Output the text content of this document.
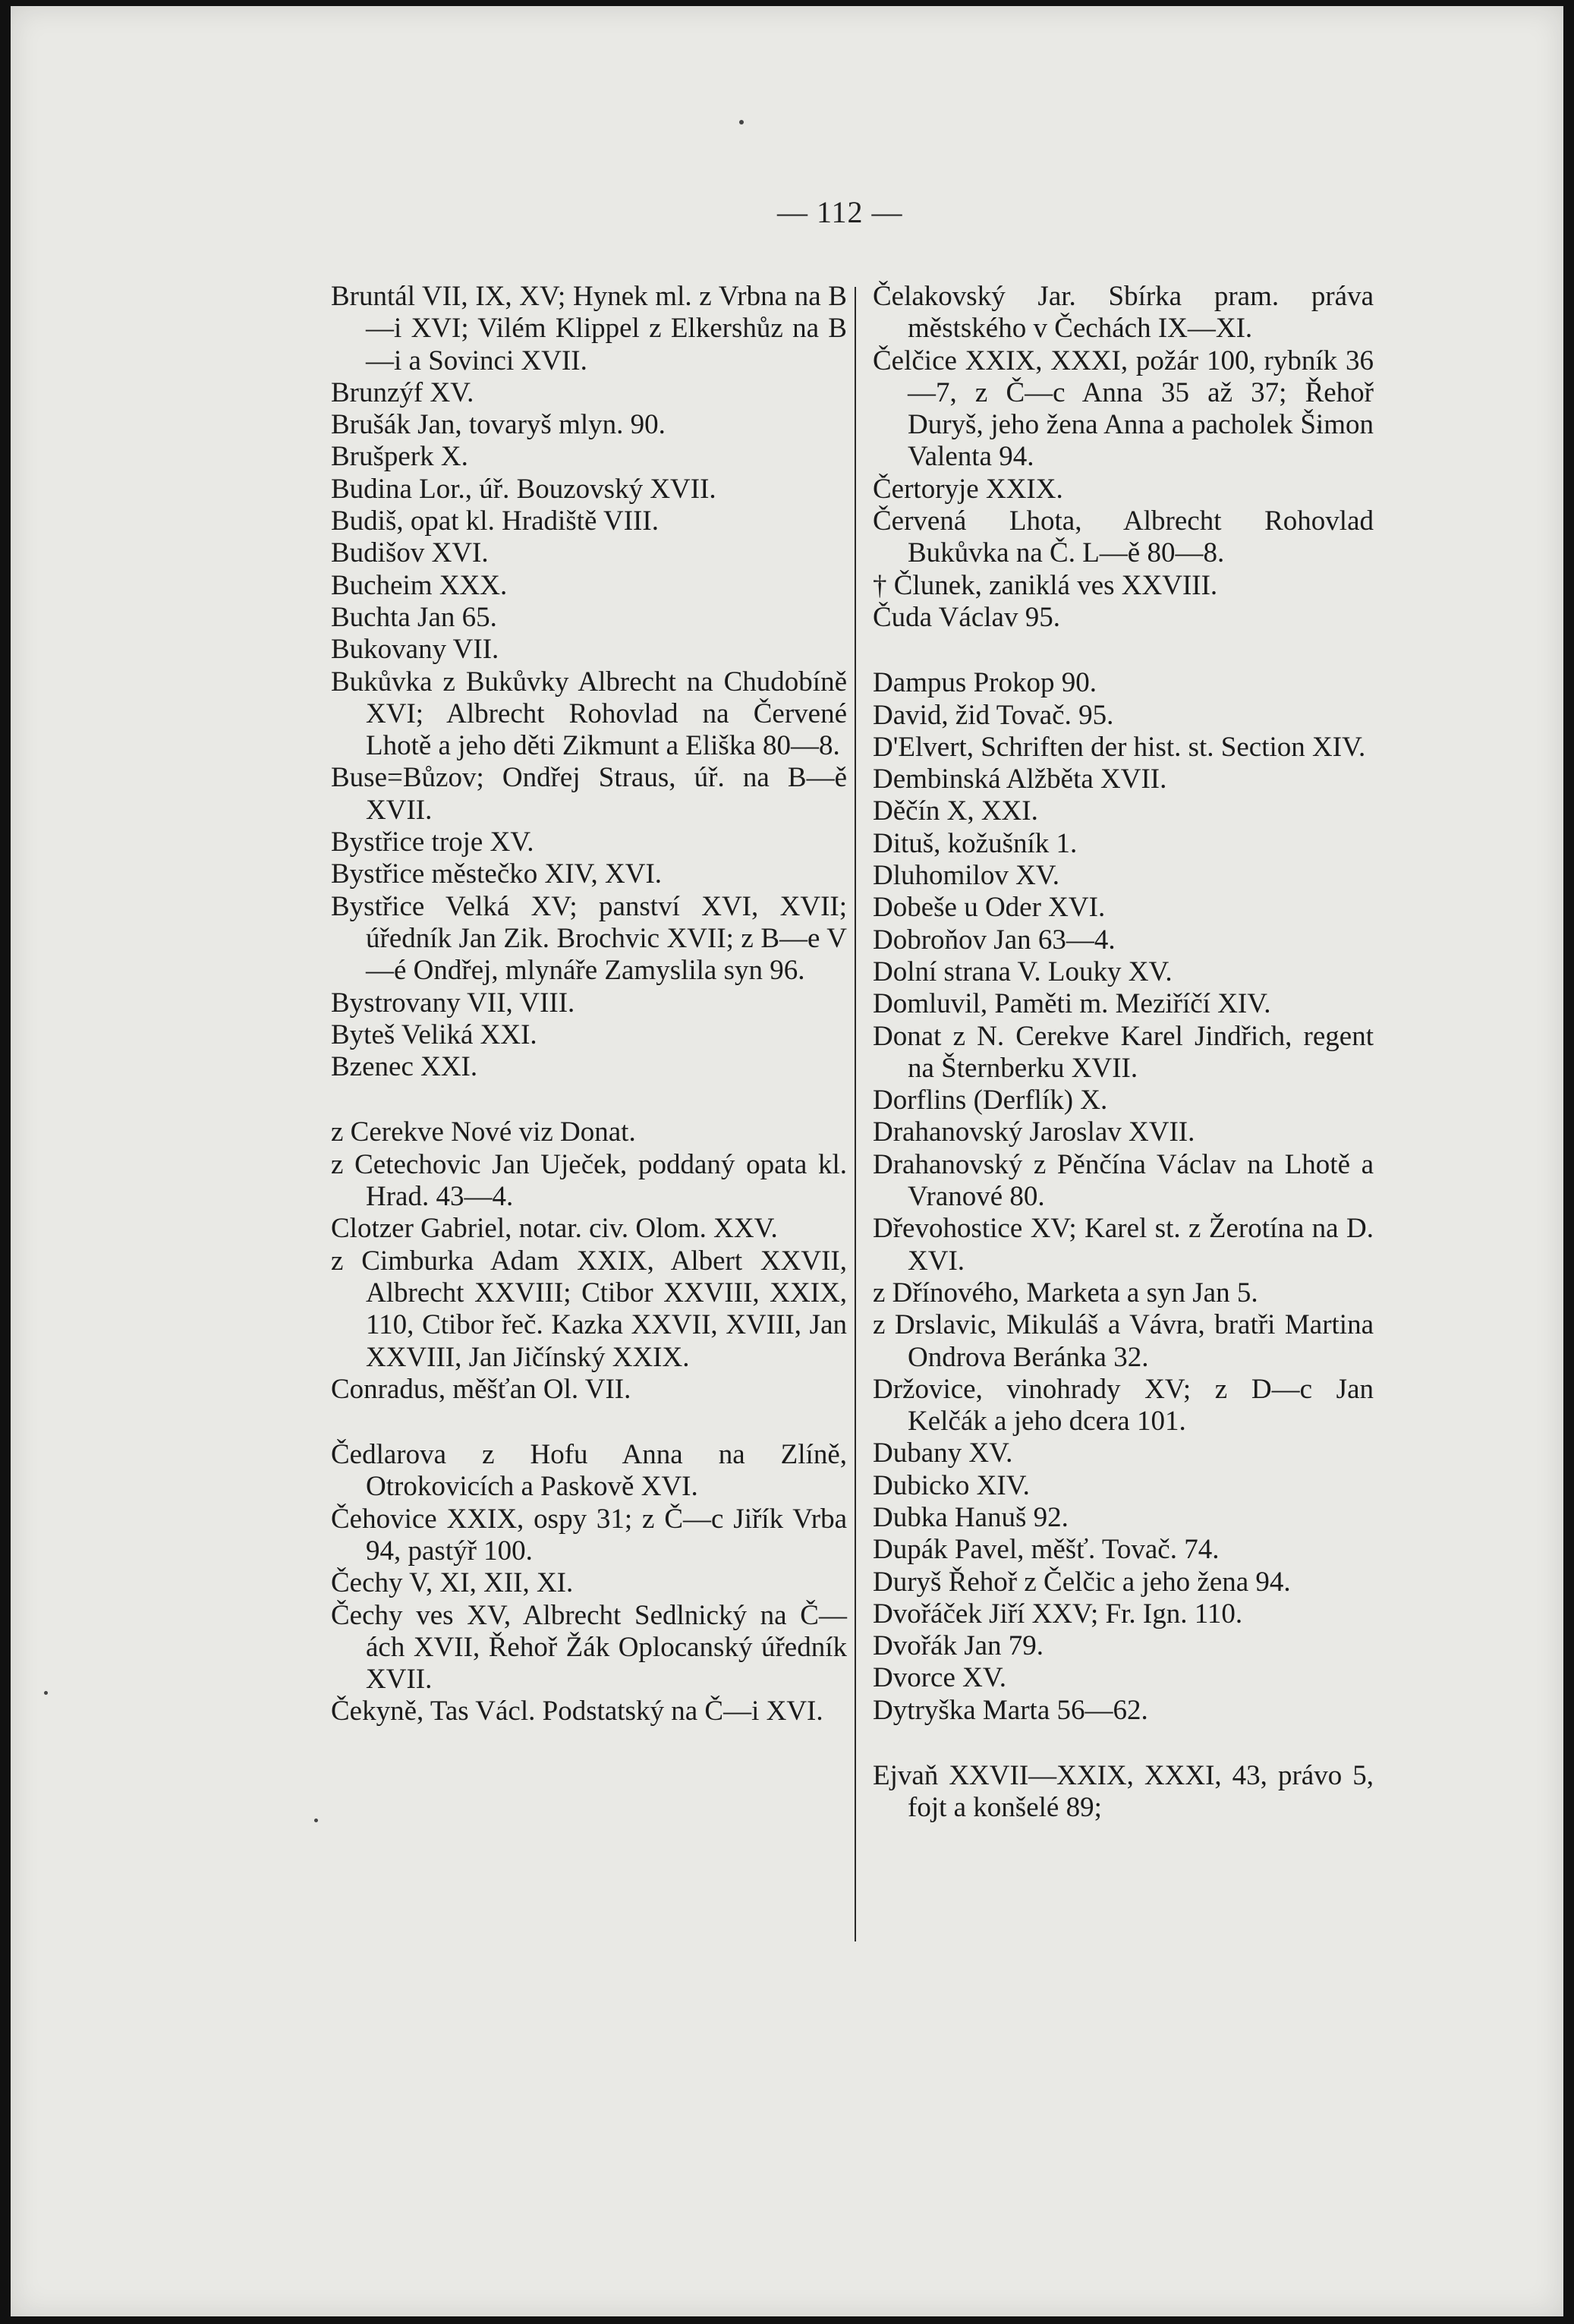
— 112 —
Bruntál VII, IX, XV; Hynek ml. z Vrbna na B—i XVI; Vilém Klippel z Elkershůz na B—i a Sovinci XVII.
Brunzýf XV.
Brušák Jan, tovaryš mlyn. 90.
Brušperk X.
Budina Lor., úř. Bouzovský XVII.
Budiš, opat kl. Hradiště VIII.
Budišov XVI.
Bucheim XXX.
Buchta Jan 65.
Bukovany VII.
Bukůvka z Bukůvky Albrecht na Chudobíně XVI; Albrecht Rohovlad na Červené Lhotě a jeho děti Zikmunt a Eliška 80—8.
Buse=Bůzov; Ondřej Straus, úř. na B—ě XVII.
Bystřice troje XV.
Bystřice městečko XIV, XVI.
Bystřice Velká XV; panství XVI, XVII; úředník Jan Zik. Brochvic XVII; z B—e V—é Ondřej, mlynáře Zamyslila syn 96.
Bystrovany VII, VIII.
Byteš Veliká XXI.
Bzenec XXI.
z Cerekve Nové viz Donat.
z Cetechovic Jan Uječek, poddaný opata kl. Hrad. 43—4.
Clotzer Gabriel, notar. civ. Olom. XXV.
z Cimburka Adam XXIX, Albert XXVII, Albrecht XXVIII; Ctibor XXVIII, XXIX, 110, Ctibor řeč. Kazka XXVII, XVIII, Jan XXVIII, Jan Jičínský XXIX.
Conradus, měšťan Ol. VII.
Čedlarova z Hofu Anna na Zlíně, Otrokovicích a Paskově XVI.
Čehovice XXIX, ospy 31; z Č—c Jiřík Vrba 94, pastýř 100.
Čechy V, XI, XII, XI.
Čechy ves XV, Albrecht Sedlnický na Č—ách XVII, Řehoř Žák Oplocanský úředník XVII.
Čekyně, Tas Václ. Podstatský na Č—i XVI.
Čelakovský Jar. Sbírka pram. práva městského v Čechách IX—XI.
Čelčice XXIX, XXXI, požár 100, rybník 36—7, z Č—c Anna 35 až 37; Řehoř Duryš, jeho žena Anna a pacholek Šimon Valenta 94.
Čertoryje XXIX.
Červená Lhota, Albrecht Rohovlad Bukůvka na Č. L—ě 80—8.
† Člunek, zaniklá ves XXVIII.
Čuda Václav 95.
Dampus Prokop 90.
David, žid Tovač. 95.
D'Elvert, Schriften der hist. st. Section XIV.
Dembinská Alžběta XVII.
Děčín X, XXI.
Dituš, kožušník 1.
Dluhomilov XV.
Dobeše u Oder XVI.
Dobroňov Jan 63—4.
Dolní strana V. Louky XV.
Domluvil, Paměti m. Meziříčí XIV.
Donat z N. Cerekve Karel Jindřich, regent na Šternberku XVII.
Dorflins (Derflík) X.
Drahanovský Jaroslav XVII.
Drahanovský z Pěnčína Václav na Lhotě a Vranové 80.
Dřevohostice XV; Karel st. z Žerotína na D. XVI.
z Dřínového, Marketa a syn Jan 5.
z Drslavic, Mikuláš a Vávra, bratři Martina Ondrova Beránka 32.
Držovice, vinohrady XV; z D—c Jan Kelčák a jeho dcera 101.
Dubany XV.
Dubicko XIV.
Dubka Hanuš 92.
Dupák Pavel, měšť. Tovač. 74.
Duryš Řehoř z Čelčic a jeho žena 94.
Dvořáček Jiří XXV; Fr. Ign. 110.
Dvořák Jan 79.
Dvorce XV.
Dytryška Marta 56—62.
Ejvaň XXVII—XXIX, XXXI, 43, právo 5, fojt a konšelé 89;
